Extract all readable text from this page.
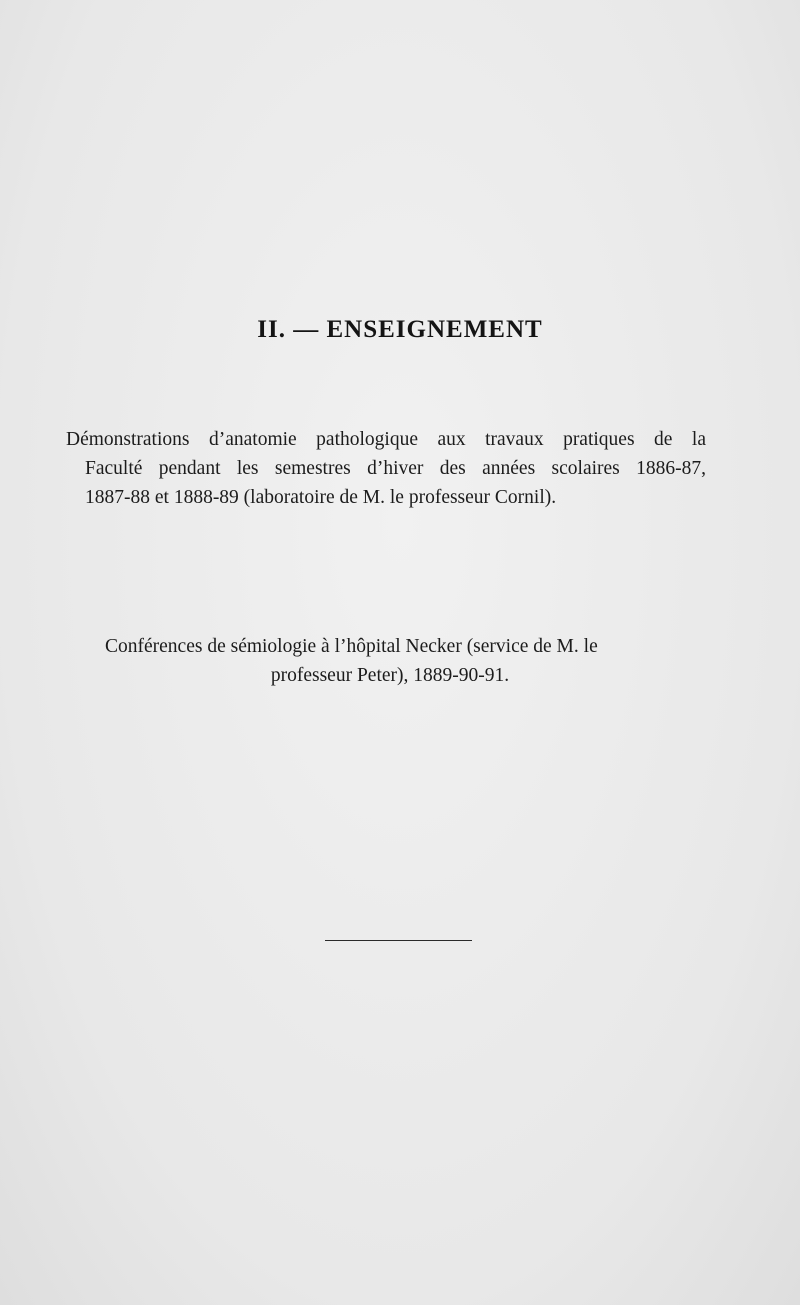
II. — ENSEIGNEMENT
Démonstrations d’anatomie pathologique aux travaux pratiques de la
Faculté pendant les semestres d’hiver des années scolaires 1886-87,
1887-88 et 1888-89 (laboratoire de M. le professeur Cornil).
Conférences de sémiologie à l’hôpital Necker (service de M. le
professeur Peter), 1889-90-91.
